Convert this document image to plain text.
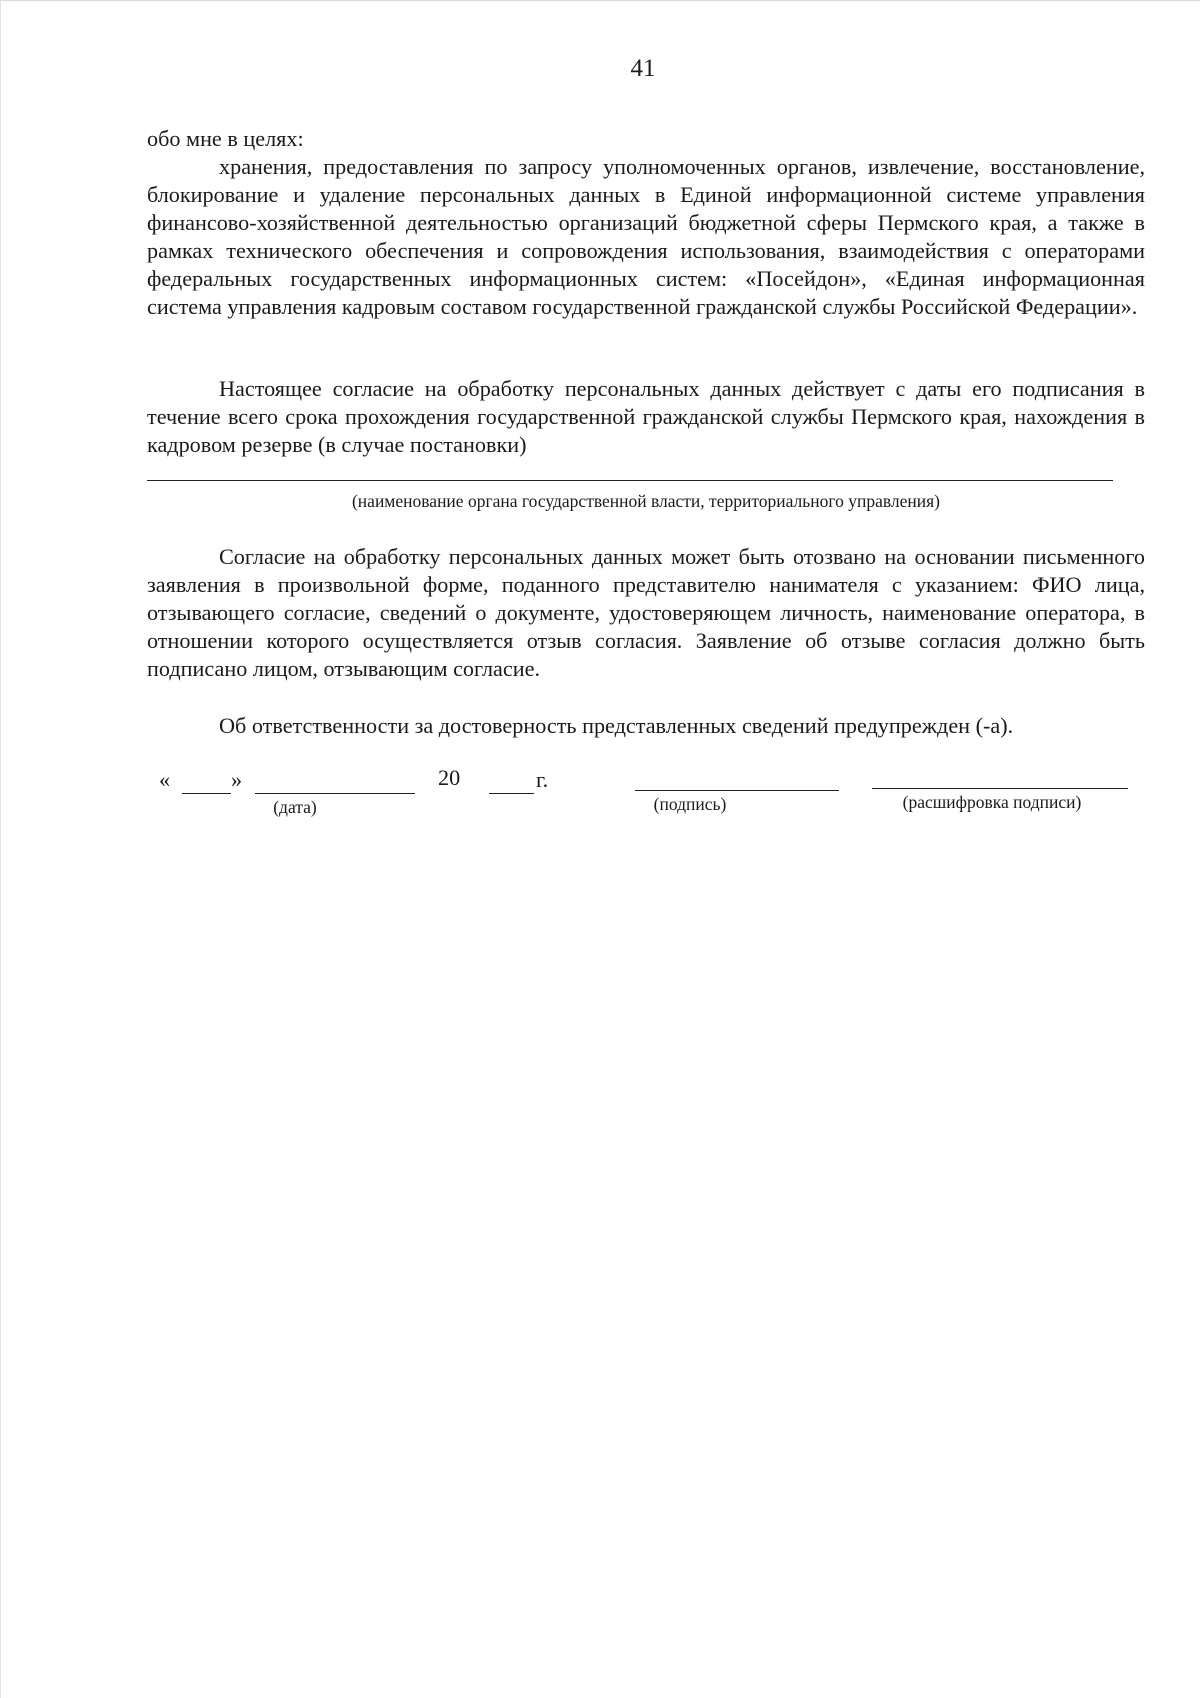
41
обо мне в целях:
хранения, предоставления по запросу уполномоченных органов, извлечение, восстановление, блокирование и удаление персональных данных в Единой информационной системе управления финансово-хозяйственной деятельностью организаций бюджетной сферы Пермского края, а также в рамках технического обеспечения и сопровождения использования, взаимодействия с операторами федеральных государственных информационных систем: «Посейдон», «Единая информационная система управления кадровым составом государственной гражданской службы Российской Федерации».
Настоящее согласие на обработку персональных данных действует с даты его подписания в течение всего срока прохождения государственной гражданской службы Пермского края, нахождения в кадровом резерве (в случае постановки)
(наименование органа государственной власти, территориального управления)
Согласие на обработку персональных данных может быть отозвано на основании письменного заявления в произвольной форме, поданного представителю нанимателя с указанием: ФИО лица, отзывающего согласие, сведений о документе, удостоверяющем личность, наименование оператора, в отношении которого осуществляется отзыв согласия. Заявление об отзыве согласия должно быть подписано лицом, отзывающим согласие.
Об ответственности за достоверность представленных сведений предупрежден (-а).
«	»
(дата)
20	г.
(подпись)	(расшифровка подписи)
